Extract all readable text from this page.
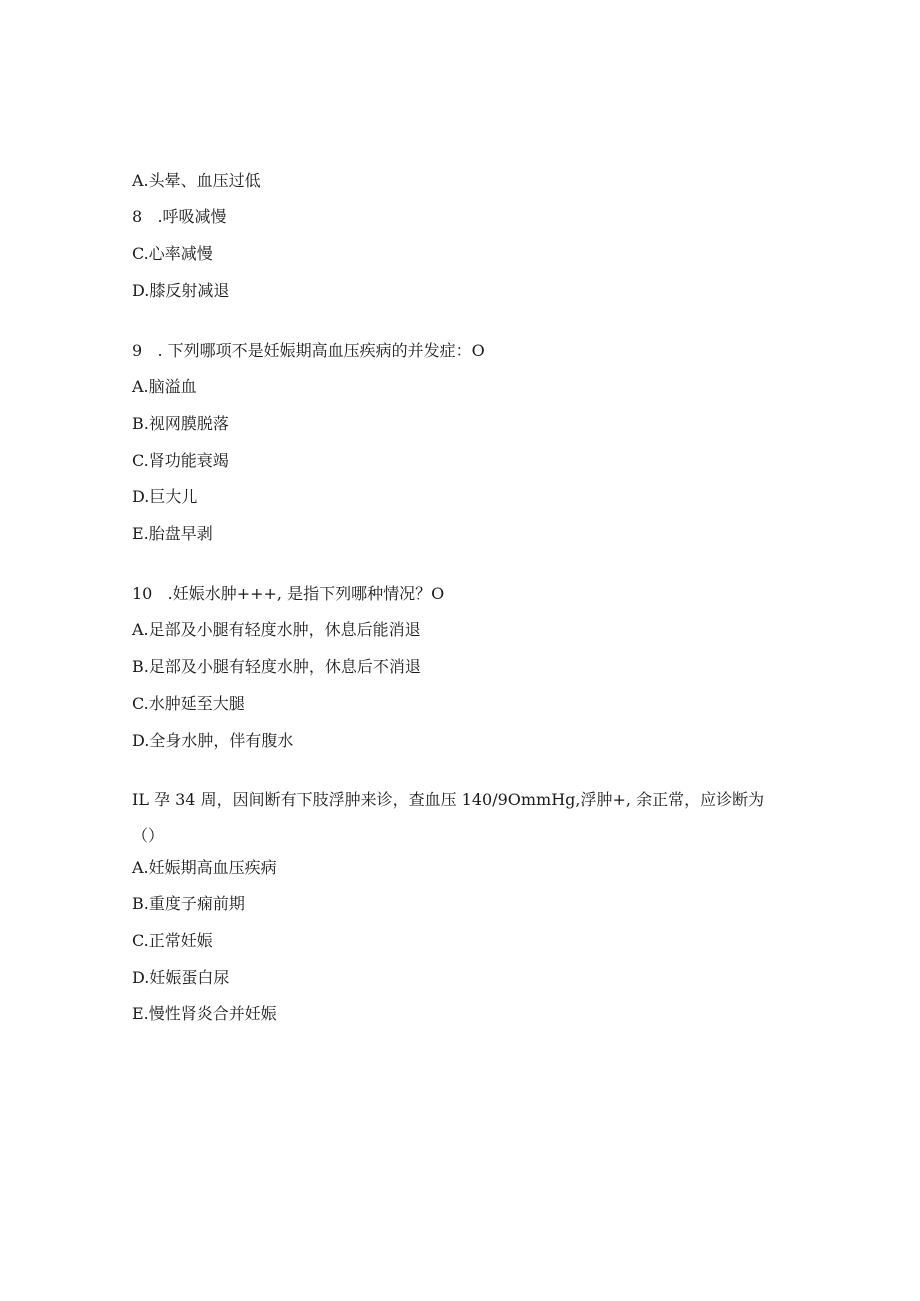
A.头晕、血压过低
8   .呼吸减慢
C.心率减慢
D.膝反射减退
9   . 下列哪项不是妊娠期高血压疾病的并发症：O
A.脑溢血
B.视网膜脱落
C.肾功能衰竭
D.巨大儿
E.胎盘早剥
10   .妊娠水肿+++, 是指下列哪种情况？O
A.足部及小腿有轻度水肿，休息后能消退
B.足部及小腿有轻度水肿，休息后不消退
C.水肿延至大腿
D.全身水肿，伴有腹水
IL 孕 34 周，因间断有下肢浮肿来诊，查血压 140/9OmmHg,浮肿+, 余正常，应诊断为（）
A.妊娠期高血压疾病
B.重度子痫前期
C.正常妊娠
D.妊娠蛋白尿
E.慢性肾炎合并妊娠
